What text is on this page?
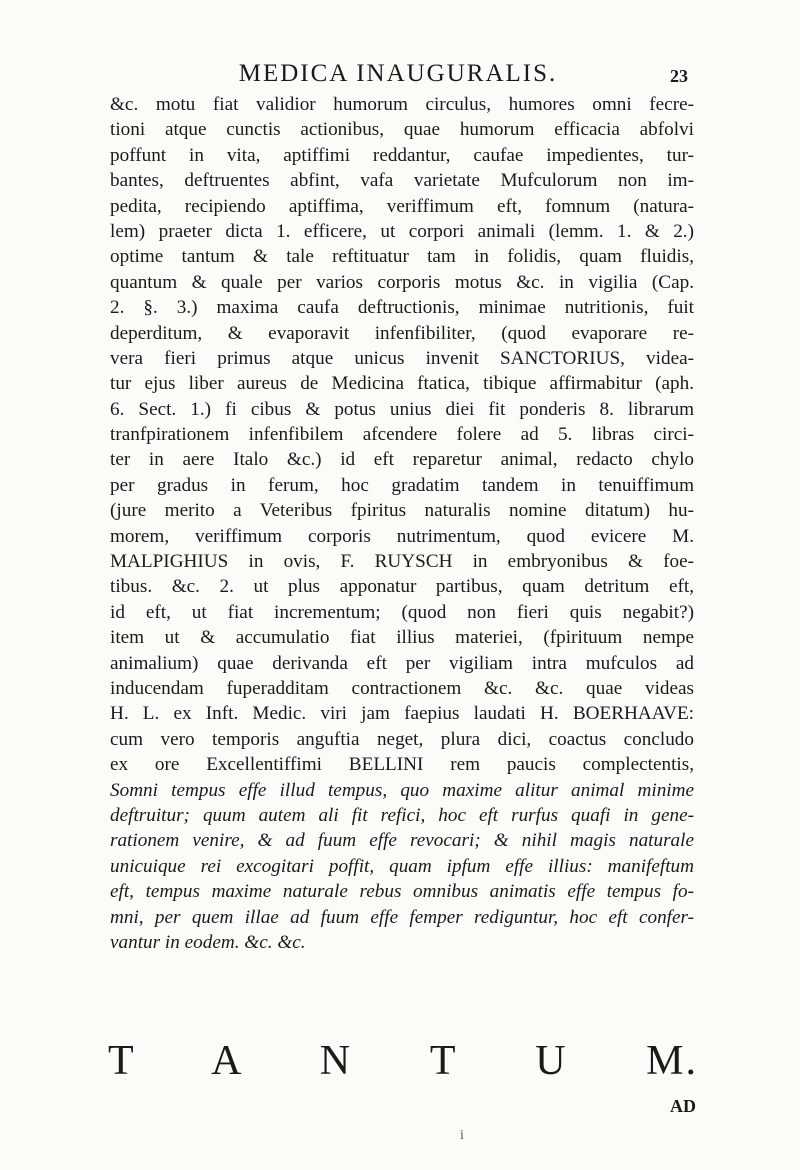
MEDICA INAUGURALIS.	23
&c. motu fiat validior humorum circulus, humores omni fecre-
tioni atque cunctis actionibus, quae humorum efficacia abfolvi
poffunt in vita, aptiffimi reddantur, caufae impedientes, tur-
bantes, deftruentes abfint, vafa varietate Mufculorum non im-
pedita, recipiendo aptiffima, veriffimum eft, fomnum (natura-
lem) praeter dicta 1. efficere, ut corpori animali (lemm. 1. & 2.)
optime tantum & tale reftituatur tam in folidis, quam fluidis,
quantum & quale per varios corporis motus &c. in vigilia (Cap.
2. §. 3.) maxima caufa deftructionis, minimae nutritionis, fuit
deperditum, & evaporavit infenfibiliter, (quod evaporare re-
vera fieri primus atque unicus invenit SANCTORIUS, videa-
tur ejus liber aureus de Medicina ftatica, tibique affirmabitur (aph.
6. Sect. 1.) fi cibus & potus unius diei fit ponderis 8. librarum
tranfpirationem infenfibilem afcendere folere ad 5. libras circi-
ter in aere Italo &c.) id eft reparetur animal, redacto chylo
per gradus in ferum, hoc gradatim tandem in tenuiffimum
(jure merito a Veteribus fpiritus naturalis nomine ditatum) hu-
morem, veriffimum corporis nutrimentum, quod evicere M.
MALPIGHIUS in ovis, F. RUYSCH in embryonibus & foe-
tibus. &c. 2. ut plus apponatur partibus, quam detritum eft,
id eft, ut fiat incrementum; (quod non fieri quis negabit?)
item ut & accumulatio fiat illius materiei, (fpirituum nempe
animalium) quae derivanda eft per vigiliam intra mufculos ad
inducendam fuperadditam contractionem &c. &c. quae videas
H. L. ex Inft. Medic. viri jam faepius laudati H. BOERHAAVE:
cum vero temporis anguftia neget, plura dici, coactus concludo
ex ore Excellentiffimi BELLINI rem paucis complectentis,
Somni tempus effe illud tempus, quo maxime alitur animal minime
deftruitur; quum autem ali fit refici, hoc eft rurfus quafi in gene-
rationem venire, & ad fuum effe revocari; & nihil magis naturale
unicuique rei excogitari poffit, quam ipfum effe illius: manifeftum
eft, tempus maxime naturale rebus omnibus animatis effe tempus fo-
mni, per quem illae ad fuum effe femper rediguntur, hoc eft confer-
vantur in eodem. &c. &c.
T A N T U M.
AD
i
